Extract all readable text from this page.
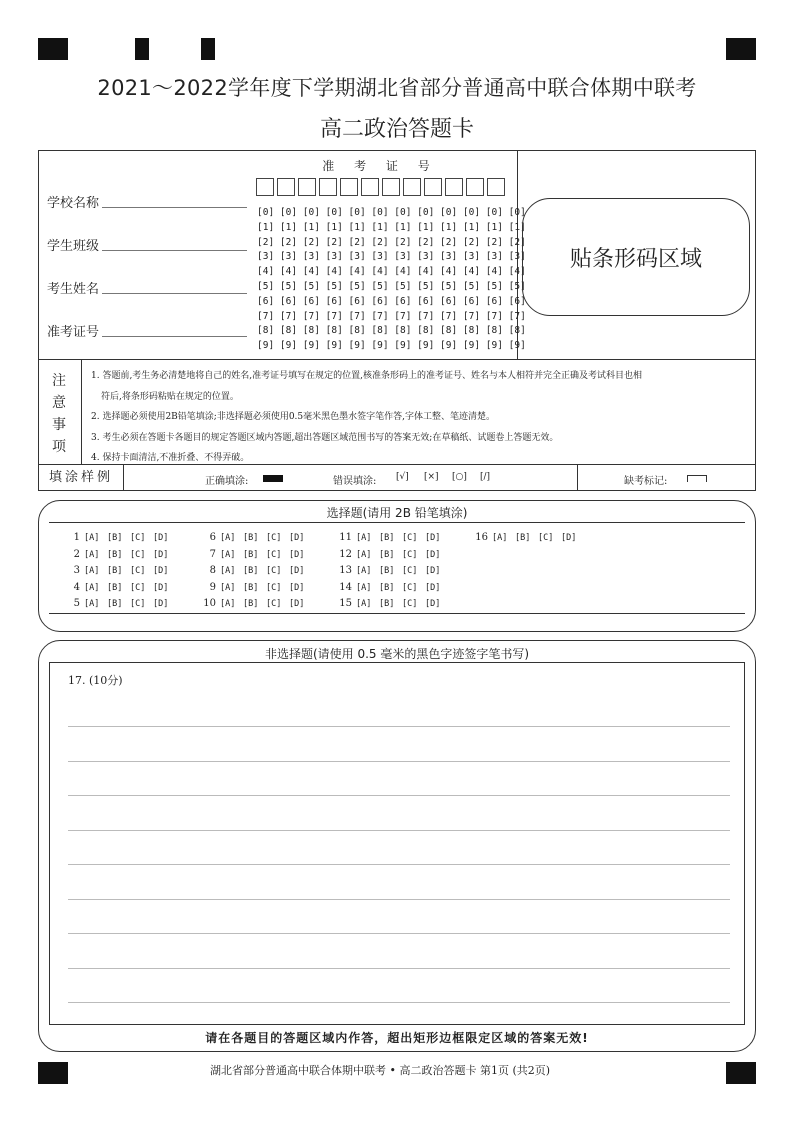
2021～2022学年度下学期湖北省部分普通高中联合体期中联考
高二政治答题卡
学校名称
学生班级
考生姓名
准考证号
准 考 证 号
[0] [0] [0] [0] [0] [0] [0] [0] [0] [0] [0] [0]
[1] [1] [1] [1] [1] [1] [1] [1] [1] [1] [1] [1]
[2] [2] [2] [2] [2] [2] [2] [2] [2] [2] [2] [2]
[3] [3] [3] [3] [3] [3] [3] [3] [3] [3] [3] [3]
[4] [4] [4] [4] [4] [4] [4] [4] [4] [4] [4] [4]
[5] [5] [5] [5] [5] [5] [5] [5] [5] [5] [5] [5]
[6] [6] [6] [6] [6] [6] [6] [6] [6] [6] [6] [6]
[7] [7] [7] [7] [7] [7] [7] [7] [7] [7] [7] [7]
[8] [8] [8] [8] [8] [8] [8] [8] [8] [8] [8] [8]
[9] [9] [9] [9] [9] [9] [9] [9] [9] [9] [9] [9]
贴条形码区域
注
意
事
项
1. 答题前,考生务必清楚地将自己的姓名,准考证号填写在规定的位置,核准条形码上的准考证号、姓名与本人相符并完全正确及考试科目也相
符后,将条形码粘贴在规定的位置。
2. 选择题必须使用2B铅笔填涂;非选择题必须使用0.5毫米黑色墨水签字笔作答,字体工整、笔迹清楚。
3. 考生必须在答题卡各题目的规定答题区域内答题,超出答题区域范围书写的答案无效;在草稿纸、试题卷上答题无效。
4. 保持卡面清洁,不准折叠、不得弄破。
填涂样例	正确填涂:	错误填涂: [√] [×] [○] [/]	缺考标记:
选择题(请用 2B 铅笔填涂)
1 [A] [B] [C] [D]
2 [A] [B] [C] [D]
3 [A] [B] [C] [D]
4 [A] [B] [C] [D]
5 [A] [B] [C] [D]
6 [A] [B] [C] [D]
7 [A] [B] [C] [D]
8 [A] [B] [C] [D]
9 [A] [B] [C] [D]
10 [A] [B] [C] [D]
11 [A] [B] [C] [D]
12 [A] [B] [C] [D]
13 [A] [B] [C] [D]
14 [A] [B] [C] [D]
15 [A] [B] [C] [D]
16 [A] [B] [C] [D]
非选择题(请使用 0.5 毫米的黑色字迹签字笔书写)
请在各题目的答题区域内作答，超出矩形边框限定区域的答案无效!
17. (10分)
湖北省部分普通高中联合体期中联考 • 高二政治答题卡 第1页 (共2页)
